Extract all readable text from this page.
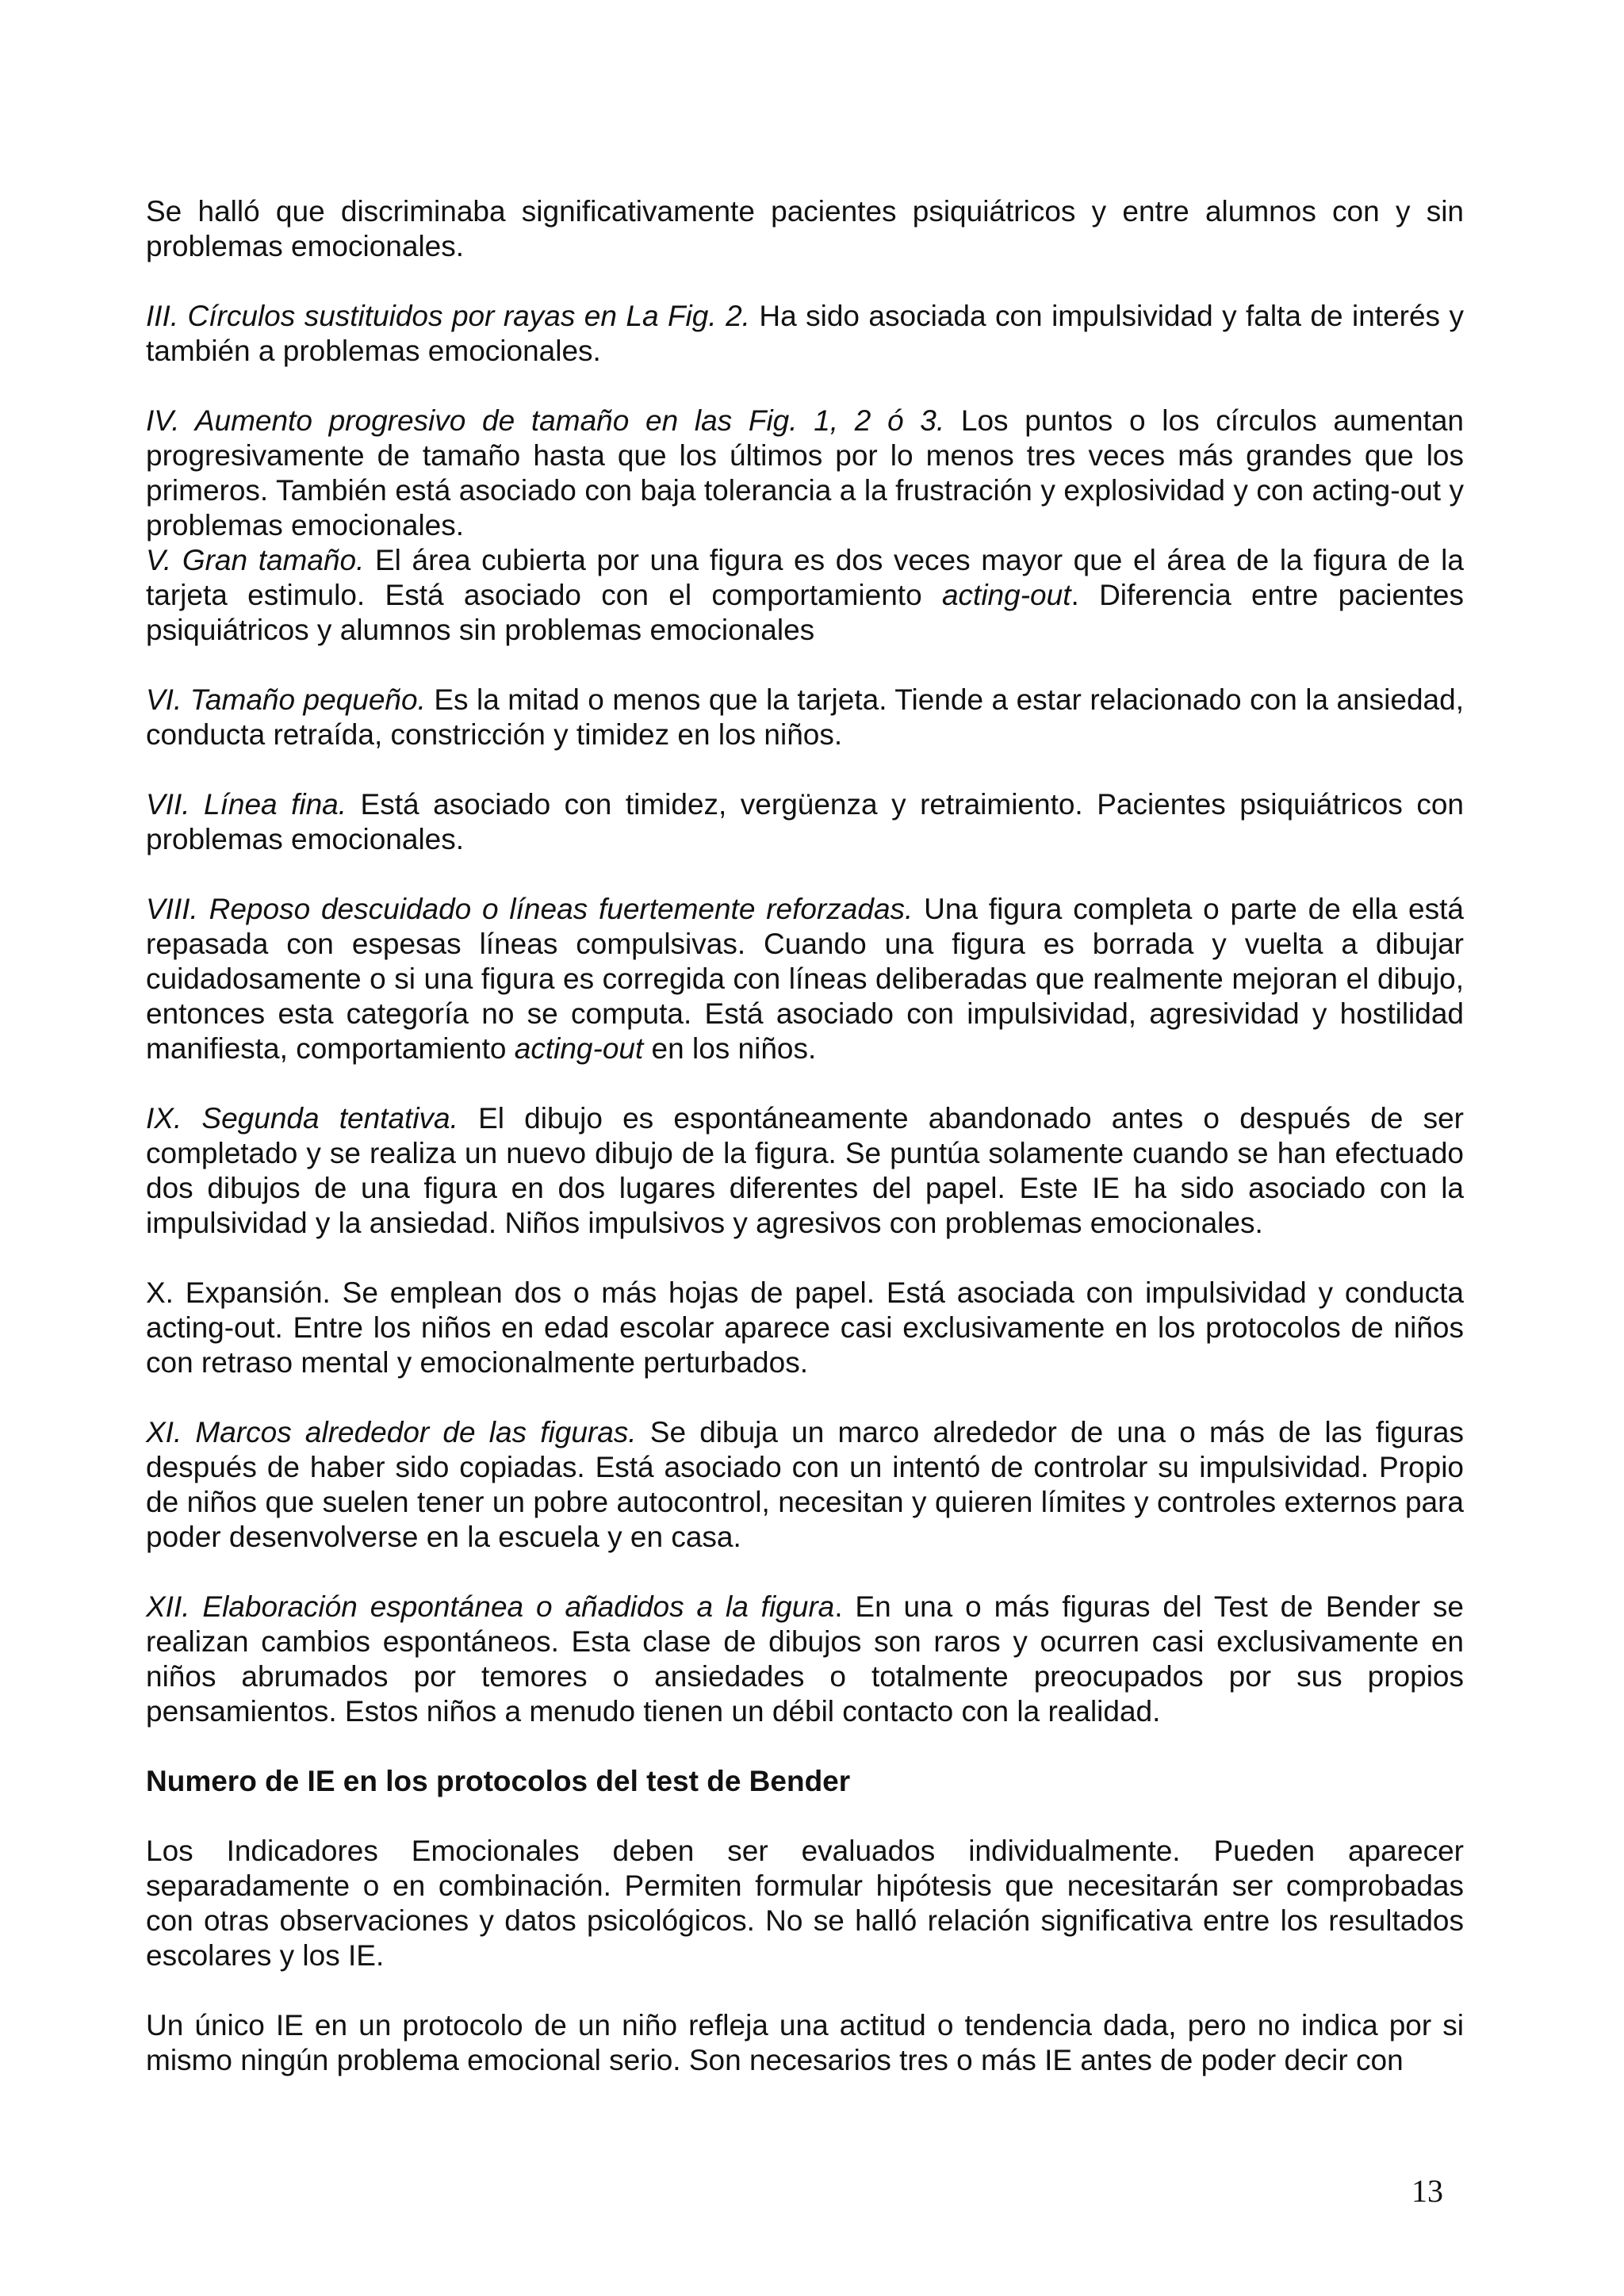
Se halló que discriminaba significativamente pacientes psiquiátricos y entre alumnos con y sin problemas emocionales.

III. Círculos sustituidos por rayas en La Fig. 2. Ha sido asociada con impulsividad y falta de interés y también a problemas emocionales.

IV. Aumento progresivo de tamaño en las Fig. 1, 2 ó 3. Los puntos o los círculos aumentan progresivamente de tamaño hasta que los últimos por lo menos tres veces más grandes que los primeros. También está asociado con baja tolerancia a la frustración y explosividad y con acting-out y problemas emocionales.

V. Gran tamaño. El área cubierta por una figura es dos veces mayor que el área de la figura de la tarjeta estimulo. Está asociado con el comportamiento acting-out. Diferencia entre pacientes psiquiátricos y alumnos sin problemas emocionales

VI. Tamaño pequeño. Es la mitad o menos que la tarjeta. Tiende a estar relacionado con la ansiedad, conducta retraída, constricción y timidez en los niños.

VII. Línea fina. Está asociado con timidez, vergüenza y retraimiento. Pacientes psiquiátricos con problemas emocionales.

VIII. Reposo descuidado o líneas fuertemente reforzadas. Una figura completa o parte de ella está repasada con espesas líneas compulsivas. Cuando una figura es borrada y vuelta a dibujar cuidadosamente o si una figura es corregida con líneas deliberadas que realmente mejoran el dibujo, entonces esta categoría no se computa. Está asociado con impulsividad, agresividad y hostilidad manifiesta, comportamiento acting-out en los niños.

IX. Segunda tentativa. El dibujo es espontáneamente abandonado antes o después de ser completado y se realiza un nuevo dibujo de la figura. Se puntúa solamente cuando se han efectuado dos dibujos de una figura en dos lugares diferentes del papel. Este IE ha sido asociado con la impulsividad y la ansiedad. Niños impulsivos y agresivos con problemas emocionales.

X. Expansión. Se emplean dos o más hojas de papel. Está asociada con impulsividad y conducta acting-out. Entre los niños en edad escolar aparece casi exclusivamente en los protocolos de niños con retraso mental y emocionalmente perturbados.

XI. Marcos alrededor de las figuras. Se dibuja un marco alrededor de una o más de las figuras después de haber sido copiadas. Está asociado con un intentó de controlar su impulsividad. Propio de niños que suelen tener un pobre autocontrol, necesitan y quieren límites y controles externos para poder desenvolverse en la escuela y en casa.

XII. Elaboración espontánea o añadidos a la figura. En una o más figuras del Test de Bender se realizan cambios espontáneos. Esta clase de dibujos son raros y ocurren casi exclusivamente en niños abrumados por temores o ansiedades o totalmente preocupados por sus propios pensamientos. Estos niños a menudo tienen un débil contacto con la realidad.

Numero de IE en los protocolos del test de Bender

Los Indicadores Emocionales deben ser evaluados individualmente. Pueden aparecer separadamente o en combinación. Permiten formular hipótesis que necesitarán ser comprobadas con otras observaciones y datos psicológicos. No se halló relación significativa entre los resultados escolares y los IE.

Un único IE en un protocolo de un niño refleja una actitud o tendencia dada, pero no indica por si mismo ningún problema emocional serio. Son necesarios tres o más IE antes de poder decir con

13
